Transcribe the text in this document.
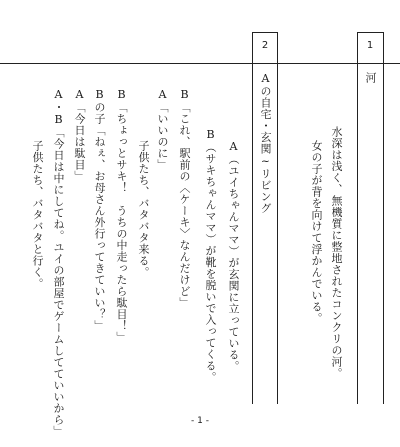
1
2
河
Aの自宅・玄関~リビング	水深は浅く、無機質に整地されたコンクリの河。
女の子が背を向けて浮かんでいる。
A（ユイちゃんママ）が玄関に立っている。
B（サキちゃんママ）が靴を脱いで入ってくる。
B「これ、駅前の〈ケーキ〉なんだけど」
A「いいのに」
子供たち、バタバタ来る。
B「ちょっとサキ！　うちの中走ったら駄目！」
Bの子「ねぇ、お母さん外行ってきていい？」
A「今日は駄目」
A・B「今日は中にしてね。ユイの部屋でゲームしてていいから」
子供たち、バタバタと行く。
- 1 -
